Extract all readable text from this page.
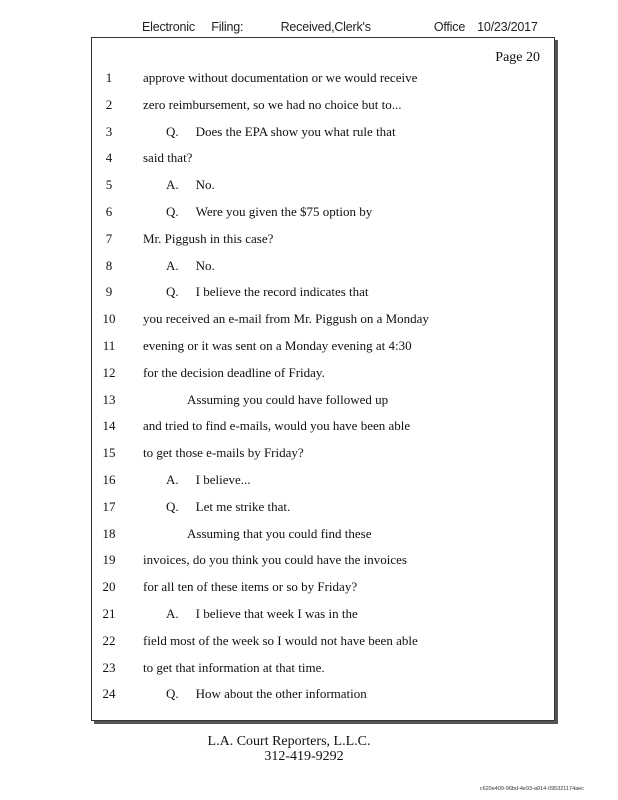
Electronic Filing:	Received,Clerk's	Office 10/23/2017
Page 20
1	approve without documentation or we would receive
2	zero reimbursement, so we had no choice but to...
3	Q. Does the EPA show you what rule that
4	said that?
5	A. No.
6	Q. Were you given the $75 option by
7	Mr. Piggush in this case?
8	A. No.
9	Q. I believe the record indicates that
10	you received an e-mail from Mr. Piggush on a Monday
11	evening or it was sent on a Monday evening at 4:30
12	for the decision deadline of Friday.
13	Assuming you could have followed up
14	and tried to find e-mails, would you have been able
15	to get those e-mails by Friday?
16	A. I believe...
17	Q. Let me strike that.
18	Assuming that you could find these
19	invoices, do you think you could have the invoices
20	for all ten of these items or so by Friday?
21	A. I believe that week I was in the
22	field most of the week so I would not have been able
23	to get that information at that time.
24	Q. How about the other information
L.A. Court Reporters, L.L.C.
312-419-9292
c620e409-96bd-4e93-a914-095321174aec
